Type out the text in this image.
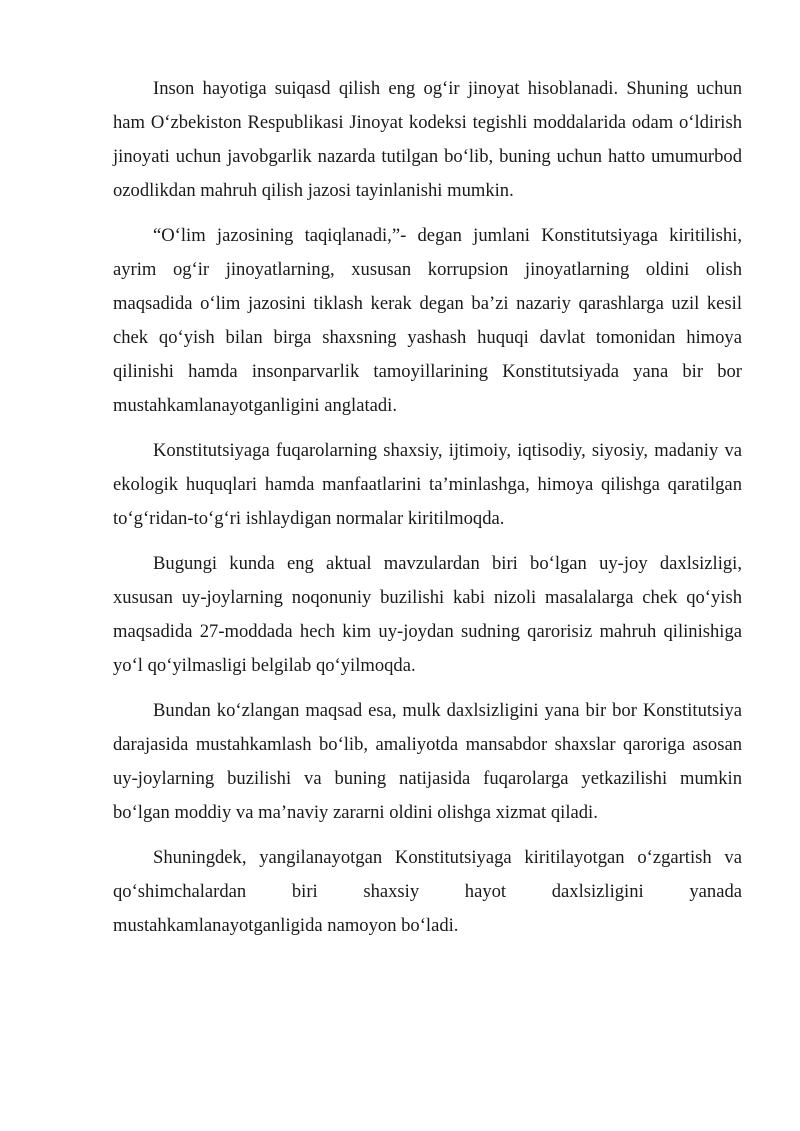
Inson hayotiga suiqasd qilish eng og‘ir jinoyat hisoblanadi. Shuning uchun ham O‘zbekiston Respublikasi Jinoyat kodeksi tegishli moddalarida odam o‘ldirish jinoyati uchun javobgarlik nazarda tutilgan bo‘lib, buning uchun hatto umumurbod ozodlikdan mahruh qilish jazosi tayinlanishi mumkin.

“O‘lim jazosining taqiqlanadi,”- degan jumlani Konstitutsiyaga kiritilishi, ayrim og‘ir jinoyatlarning, xususan korrupsion jinoyatlarning oldini olish maqsadida o‘lim jazosini tiklash kerak degan ba’zi nazariy qarashlarga uzil kesil chek qo‘yish bilan birga shaxsning yashash huquqi davlat tomonidan himoya qilinishi hamda insonparvarlik tamoyillarining Konstitutsiyada yana bir bor mustahkamlanayotganligini anglatadi.

Konstitutsiyaga fuqarolarning shaxsiy, ijtimoiy, iqtisodiy, siyosiy, madaniy va ekologik huquqlari hamda manfaatlarini ta’minlashga, himoya qilishga qaratilgan to‘g‘ridan-to‘g‘ri ishlaydigan normalar kiritilmoqda.

Bugungi kunda eng aktual mavzulardan biri bo‘lgan uy-joy daxlsizligi, xususan uy-joylarning noqonuniy buzilishi kabi nizoli masalalarga chek qo‘yish maqsadida 27-moddada hech kim uy-joydan sudning qarorisiz mahruh qilinishiga yo‘l qo‘yilmasligi belgilab qo‘yilmoqda.

Bundan ko‘zlangan maqsad esa, mulk daxlsizligini yana bir bor Konstitutsiya darajasida mustahkamlash bo‘lib, amaliyotda mansabdor shaxslar qaroriga asosan uy-joylarning buzilishi va buning natijasida fuqarolarga yetkazilishi mumkin bo‘lgan moddiy va ma’naviy zararni oldini olishga xizmat qiladi.

Shuningdek, yangilanayotgan Konstitutsiyaga kiritilayotgan o‘zgartish va qo‘shimchalardan biri shaxsiy hayot daxlsizligini yanada mustahkamlanayotganligida namoyon bo‘ladi.
